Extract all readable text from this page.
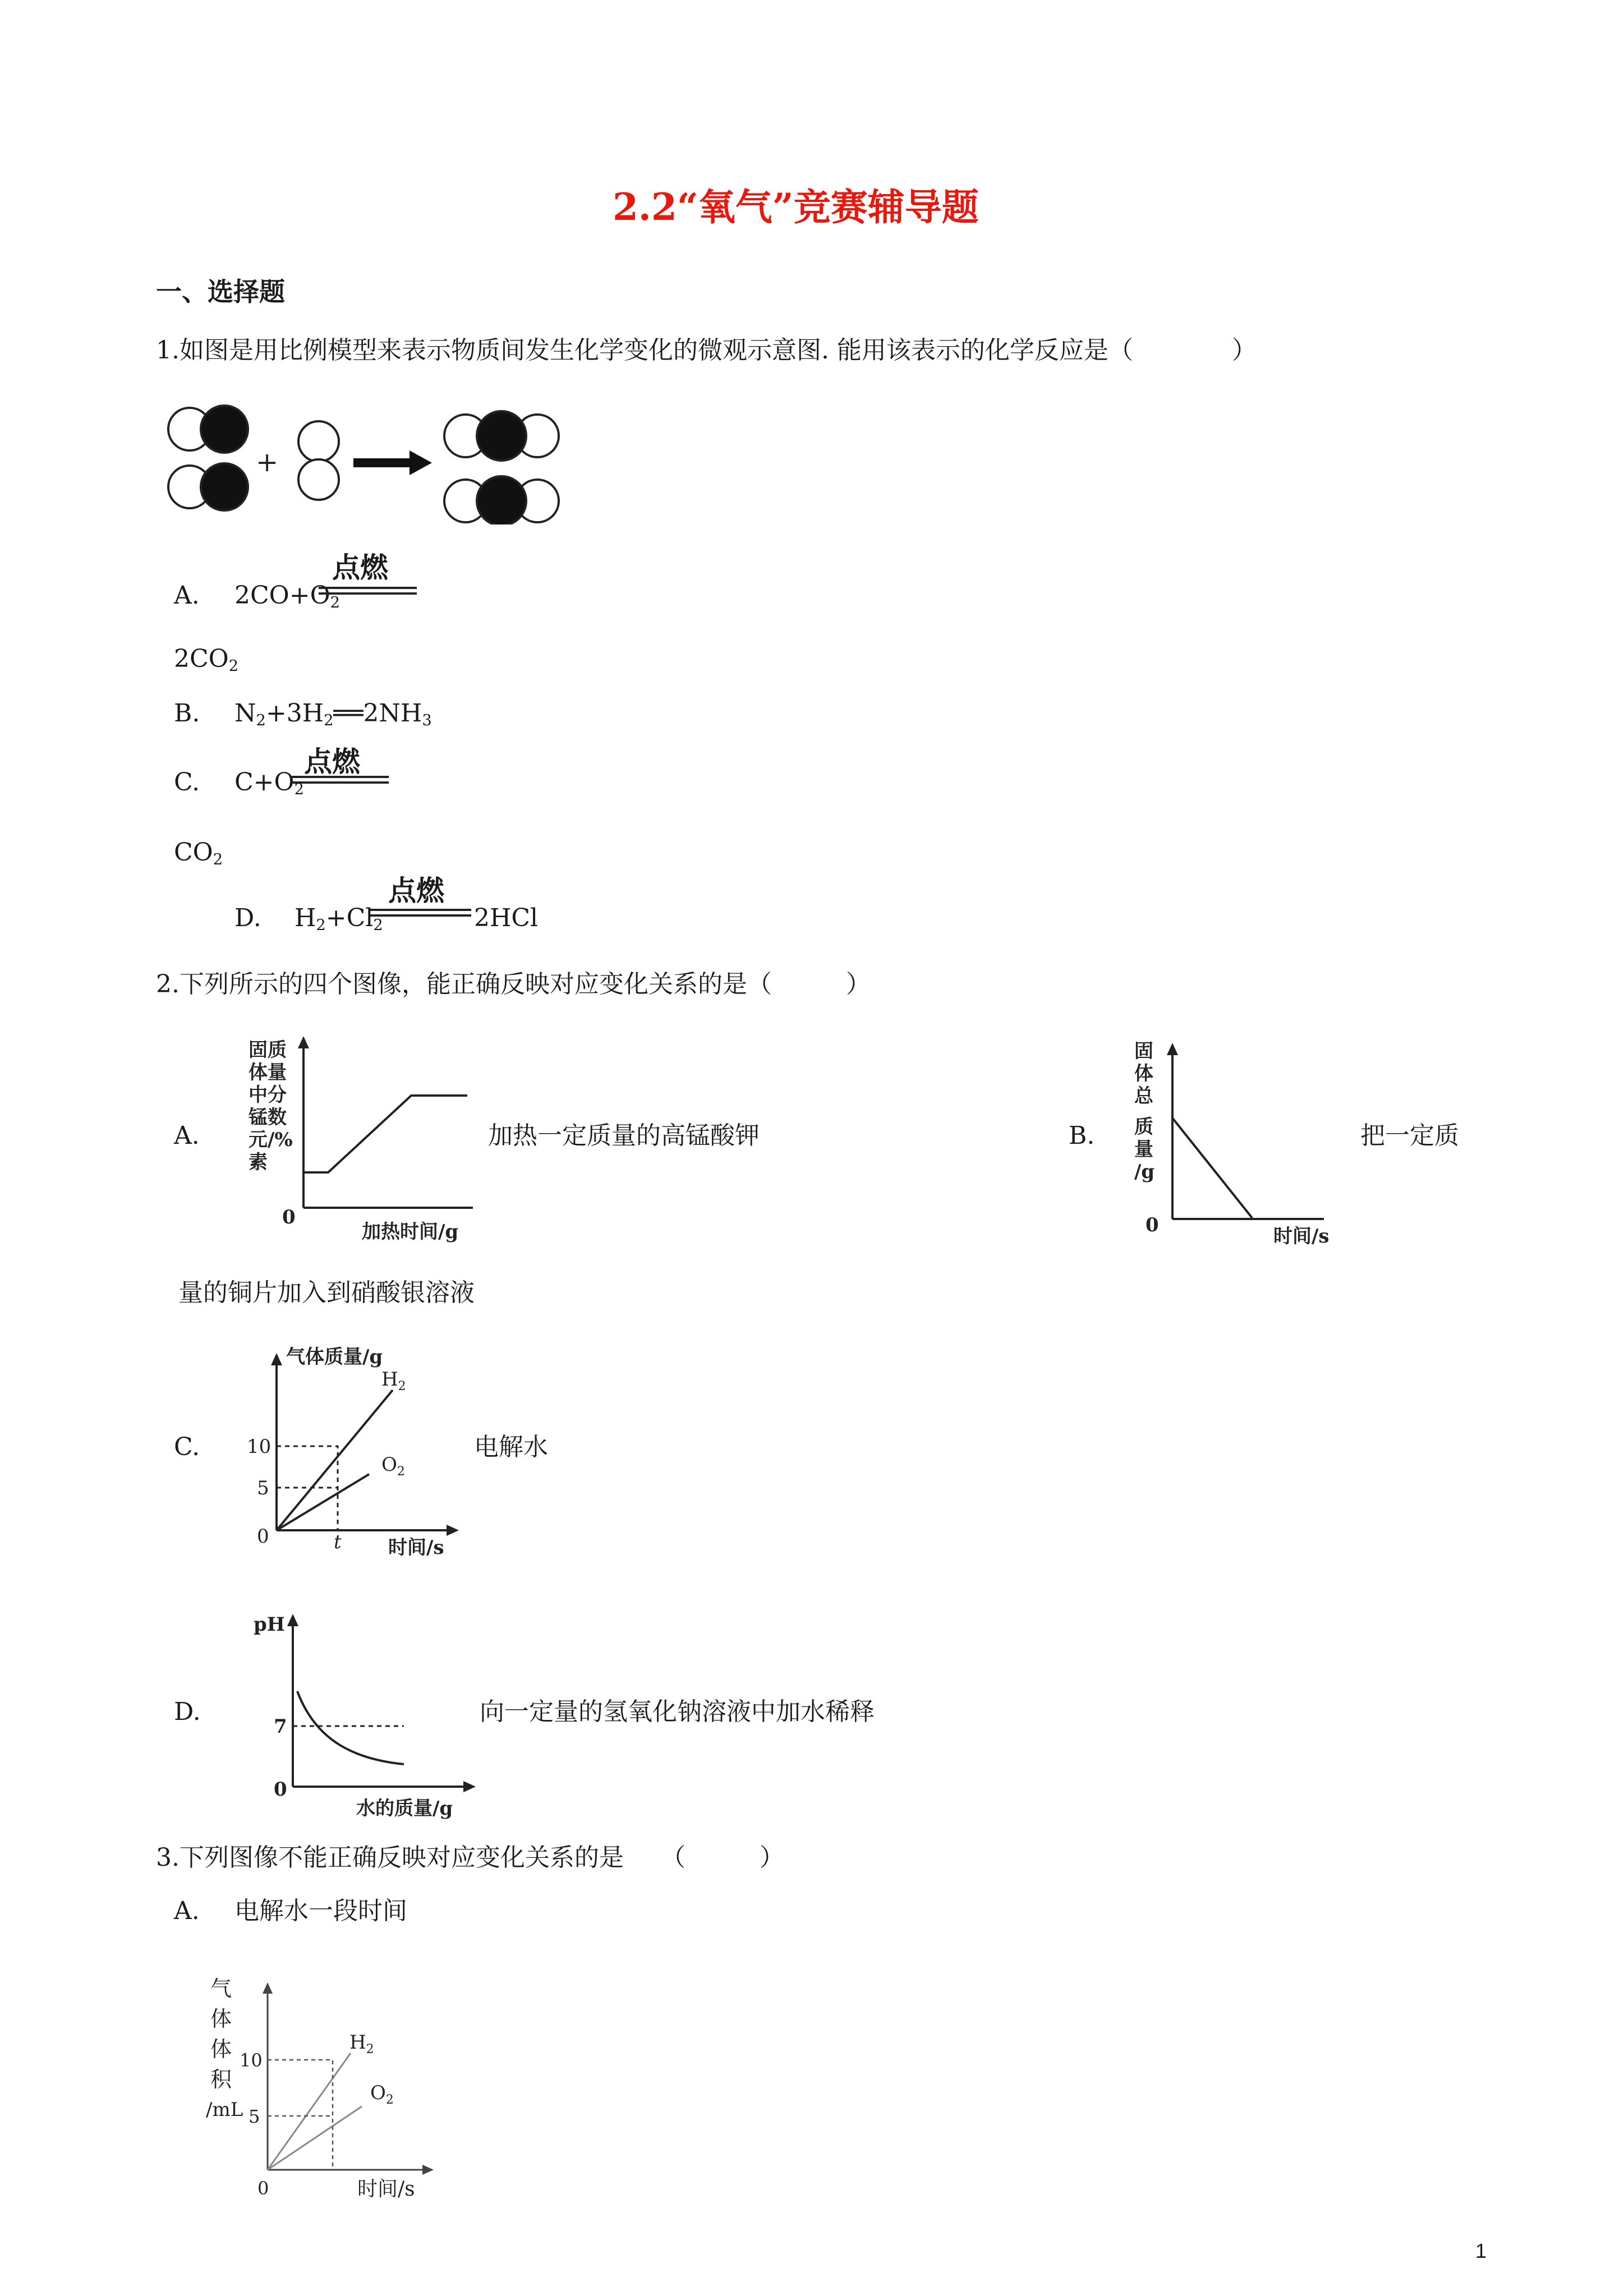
2.2“氧气”竞赛辅导题
一、选择题
1.如图是用比例模型来表示物质间发生化学变化的微观示意图. 能用该表示的化学反应是（　　　　）
+
A. $2CO+O_2$
点燃
$2CO_2$
B. $N_2+3H_2══2NH_3$
C. $C+O_2$
点燃
$CO_2$
D. $H_2+Cl_2$
点燃
2HCl
2.下列所示的四个图像，能正确反映对应变化关系的是（　　　）
固质
体量
中分
锰数
元/%
素
0
加热时间/g
A.	加热一定质量的高锰酸钾
固
体
总
质
量
/g
0	时间/s
B.	把一定质
量的铜片加入到硝酸银溶液
气体质量/g
10
5
0	t 时间/s
$H_2$
$O_2$
C.	电解水
pH
7
0
水的质量/g
D.	向一定量的氢氧化钠溶液中加水稀释
3.下列图像不能正确反映对应变化关系的是　　（　　　）
A. 电解水一段时间
气
体
体
积
/mL
10
5
0	时间/s
$H_2$
$O_2$
1
